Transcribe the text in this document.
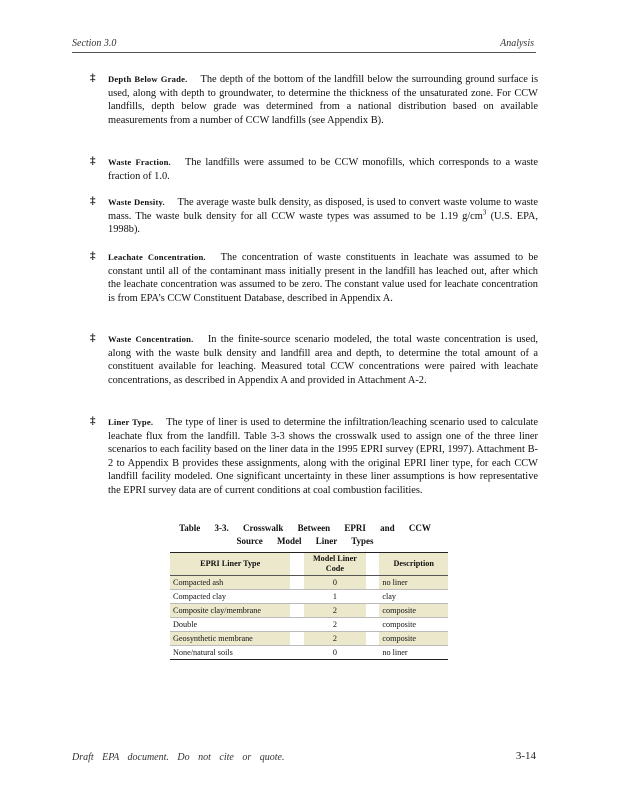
Section 3.0	Analysis
‡ Depth Below Grade. The depth of the bottom of the landfill below the surrounding ground surface is used, along with depth to groundwater, to determine the thickness of the unsaturated zone. For CCW landfills, depth below grade was determined from a national distribution based on available measurements from a number of CCW landfills (see Appendix B).
‡ Waste Fraction. The landfills were assumed to be CCW monofills, which corresponds to a waste fraction of 1.0.
‡ Waste Density. The average waste bulk density, as disposed, is used to convert waste volume to waste mass. The waste bulk density for all CCW waste types was assumed to be 1.19 $g/cm^3$ (U.S. EPA, 1998b).
‡ Leachate Concentration. The concentration of waste constituents in leachate was assumed to be constant until all of the contaminant mass initially present in the landfill has leached out, after which the leachate concentration was assumed to be zero. The constant value used for leachate concentration is from EPA’s CCW Constituent Database, described in Appendix A.
‡ Waste Concentration. In the finite-source scenario modeled, the total waste concentration is used, along with the waste bulk density and landfill area and depth, to determine the total amount of a constituent available for leaching. Measured total CCW concentrations were paired with leachate concentrations, as described in Appendix A and provided in Attachment A-2.
‡ Liner Type. The type of liner is used to determine the infiltration/leaching scenario used to calculate leachate flux from the landfill. Table 3-3 shows the crosswalk used to assign one of the three liner scenarios to each facility based on the liner data in the 1995 EPRI survey (EPRI, 1997). Attachment B-2 to Appendix B provides these assignments, along with the original EPRI liner type, for each CCW landfill facility modeled. One significant uncertainty in these liner assumptions is how representative the EPRI survey data are of current conditions at coal combustion facilities.
Table 3-3. Crosswalk Between EPRI and CCW Source Model Liner Types
EPRI Liner Type		Model Liner Code		Description
Compacted ash		0		no liner
Compacted clay		1		clay
Composite clay/membrane		2		composite
Double		2		composite
Geosynthetic membrane		2		composite
None/natural soils		0		no liner
Draft EPA document. Do not cite or quote.	3-14
